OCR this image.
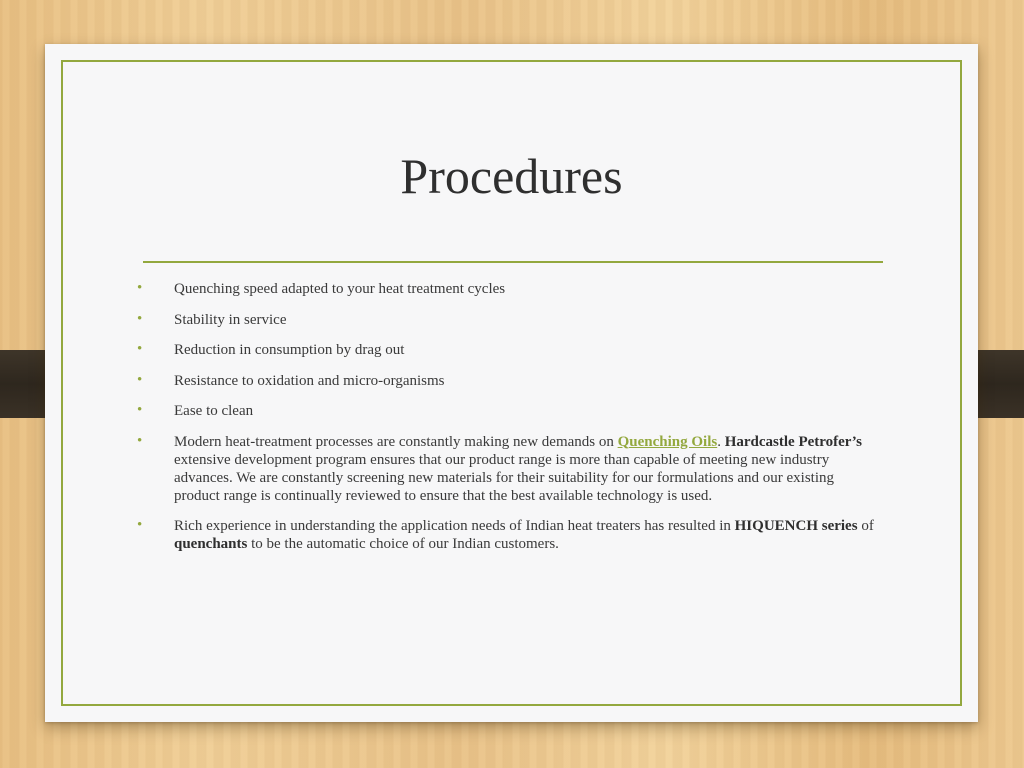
Procedures
• Quenching speed adapted to your heat treatment cycles
• Stability in service
• Reduction in consumption by drag out
• Resistance to oxidation and micro-organisms
• Ease to clean
• Modern heat-treatment processes are constantly making new demands on Quenching Oils. Hardcastle Petrofer’s extensive development program ensures that our product range is more than capable of meeting new industry advances. We are constantly screening new materials for their suitability for our formulations and our existing product range is continually reviewed to ensure that the best available technology is used.
• Rich experience in understanding the application needs of Indian heat treaters has resulted in HIQUENCH series of quenchants to be the automatic choice of our Indian customers.
